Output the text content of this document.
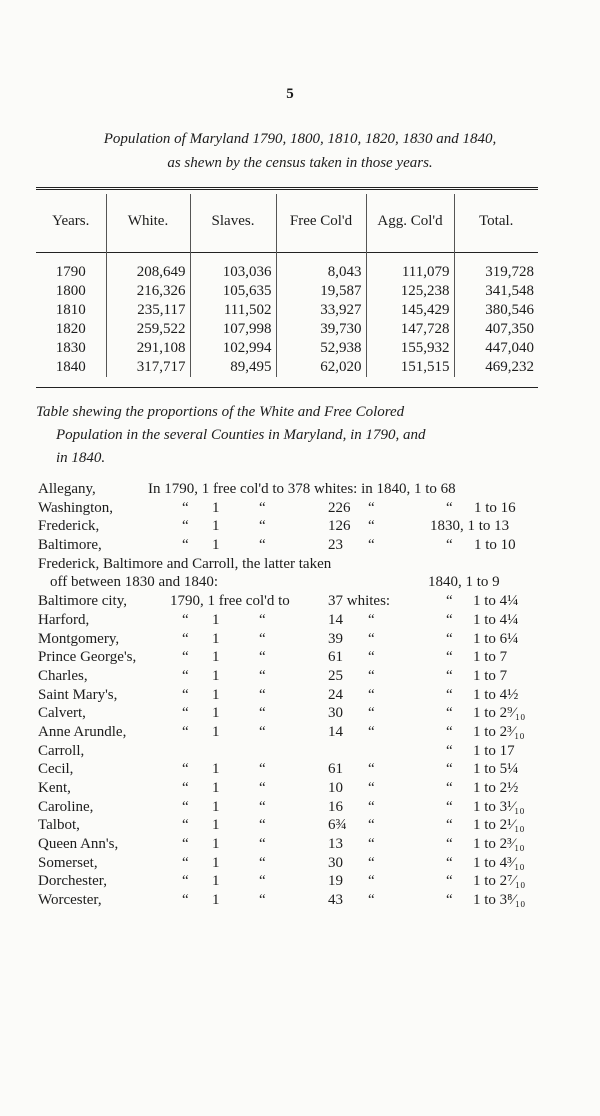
5
Population of Maryland 1790, 1800, 1810, 1820, 1830 and 1840,
as shewn by the census taken in those years.
Years.	White.	Slaves.	Free Col'd	Agg. Col'd	Total.

1790	208,649	103,036	8,043	111,079	319,728
1800	216,326	105,635	19,587	125,238	341,548
1810	235,117	111,502	33,927	145,429	380,546
1820	259,522	107,998	39,730	147,728	407,350
1830	291,108	102,994	52,938	155,932	447,040
1840	317,717	89,495	62,020	151,515	469,232
Table shewing the proportions of the White and Free Colored
Population in the several Counties in Maryland, in 1790, and
in 1840.
Allegany,	In 1790, 1 free col'd to 378 whites: in 1840, 1 to 68
Washington,	“ 1	“	226 “	“ 1 to 16
Frederick,	“ 1	“	126 “	1830, 1 to 13
Baltimore,	“ 1	“	23 “	“ 1 to 10
Frederick, Baltimore and Carroll, the latter taken
off between 1830 and 1840:	1840, 1 to 9
Baltimore city,	1790, 1 free col'd to	37 whites:	“ 1 to 4¼
Harford,	“ 1	“	14 “	“ 1 to 4¼
Montgomery,	“ 1	“	39 “	“ 1 to 6¼
Prince George's,	“ 1	“	61 “	“ 1 to 7
Charles,	“ 1	“	25 “	“ 1 to 7
Saint Mary's,	“ 1	“	24 “	“ 1 to 4½
Calvert,	“ 1	“	30 “	“ 1 to 2⁹⁄₁₀
Anne Arundle,	“ 1	“	14 “	“ 1 to 2³⁄₁₀
Carroll,	“ 1 to 17
Cecil,	“ 1	“	61 “	“ 1 to 5¼
Kent,	“ 1	“	10 “	“ 1 to 2½
Caroline,	“ 1	“	16 “	“ 1 to 3¹⁄₁₀
Talbot,	“ 1	“	6¾ “	“ 1 to 2¹⁄₁₀
Queen Ann's,	“ 1	“	13 “	“ 1 to 2³⁄₁₀
Somerset,	“ 1	“	30 “	“ 1 to 4³⁄₁₀
Dorchester,	“ 1	“	19 “	“ 1 to 2⁷⁄₁₀
Worcester,	“ 1	“	43 “	“ 1 to 3⁸⁄₁₀
